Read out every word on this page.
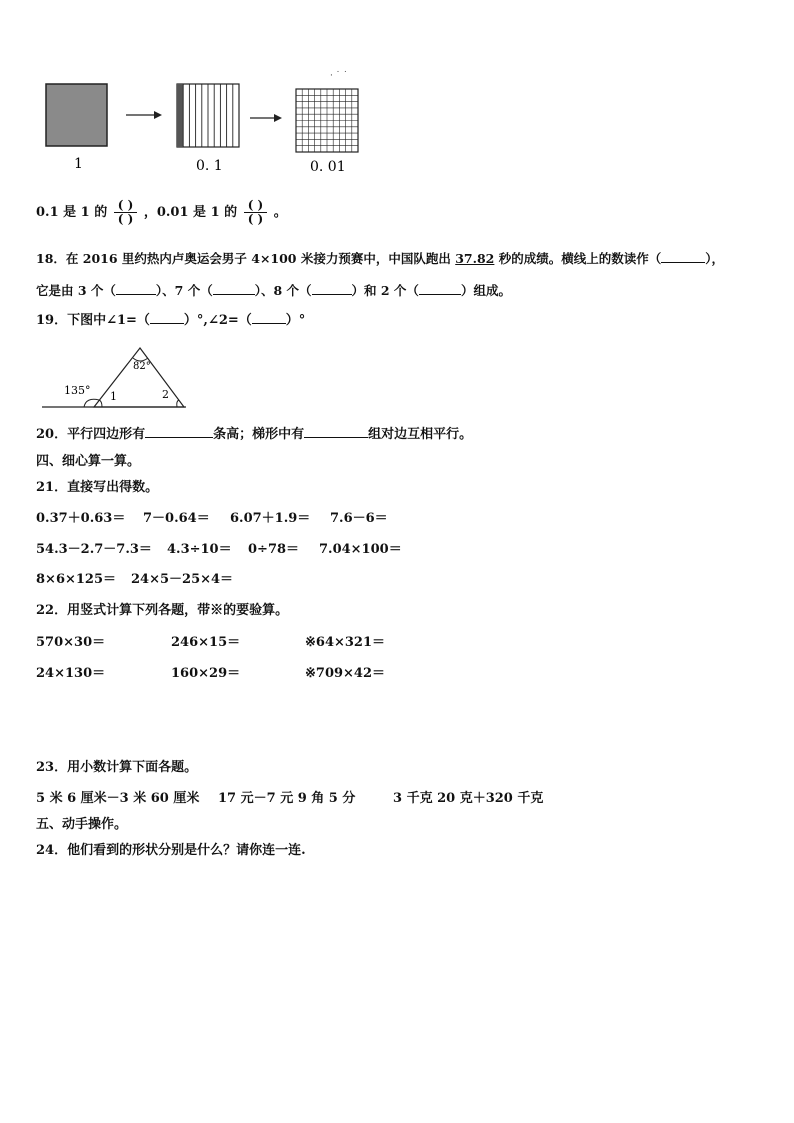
· ˙ ˙
1	0. 1	0. 01
0.1 是 1 的 $\frac{( )}{( )}$ ，0.01 是 1 的 $\frac{( )}{( )}$ 。
18．在 2016 里约热内卢奥运会男子 4×100 米接力预赛中，中国队跑出 37.82 秒的成绩。横线上的数读作（	），
它是由 3 个（	）、7 个（	）、8 个（	）和 2 个（	）组成。
19．下图中∠1=（	）°,∠2=（	）°
82°
135° 1	2
20．平行四边形有	条高；梯形中有	组对边互相平行。
四、细心算一算。
21．直接写出得数。
0.37＋0.63＝ 7－0.64＝ 6.07＋1.9＝ 7.6－6＝
54.3－2.7－7.3＝ 4.3÷10＝ 0÷78＝ 7.04×100＝
8×6×125＝ 24×5－25×4＝
22．用竖式计算下列各题，带※的要验算。
570×30＝	246×15＝	※64×321＝
24×130＝	160×29＝	※709×42＝
23．用小数计算下面各题。
5 米 6 厘米－3 米 60 厘米 17 元－7 元 9 角 5 分	3 千克 20 克＋320 千克
五、动手操作。
24．他们看到的形状分别是什么？请你连一连.
